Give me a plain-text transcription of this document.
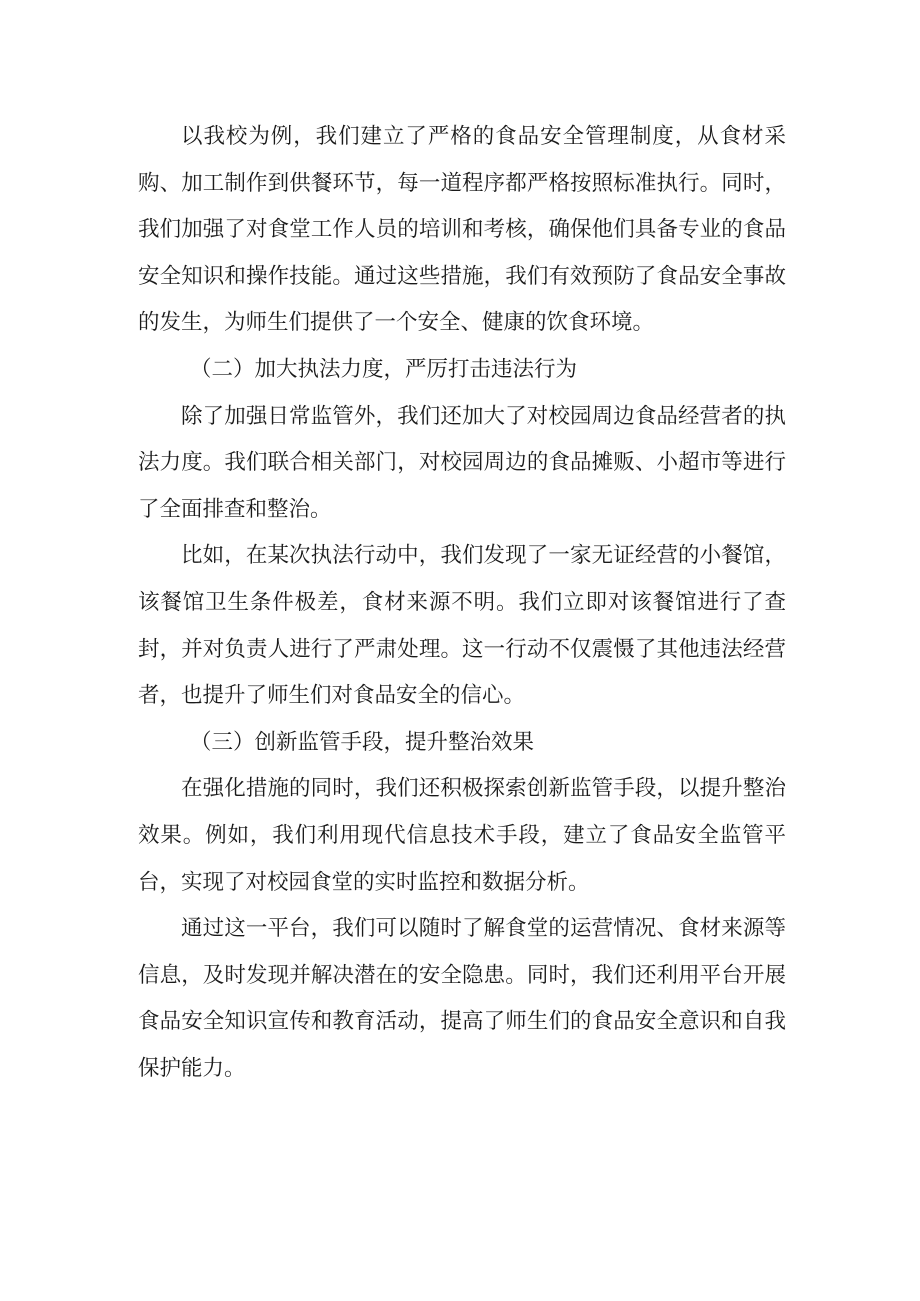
以我校为例，我们建立了严格的食品安全管理制度，从食材采购、加工制作到供餐环节，每一道程序都严格按照标准执行。同时，我们加强了对食堂工作人员的培训和考核，确保他们具备专业的食品安全知识和操作技能。通过这些措施，我们有效预防了食品安全事故的发生，为师生们提供了一个安全、健康的饮食环境。

（二）加大执法力度，严厉打击违法行为

除了加强日常监管外，我们还加大了对校园周边食品经营者的执法力度。我们联合相关部门，对校园周边的食品摊贩、小超市等进行了全面排查和整治。

比如，在某次执法行动中，我们发现了一家无证经营的小餐馆，该餐馆卫生条件极差，食材来源不明。我们立即对该餐馆进行了查封，并对负责人进行了严肃处理。这一行动不仅震慑了其他违法经营者，也提升了师生们对食品安全的信心。

（三）创新监管手段，提升整治效果

在强化措施的同时，我们还积极探索创新监管手段，以提升整治效果。例如，我们利用现代信息技术手段，建立了食品安全监管平台，实现了对校园食堂的实时监控和数据分析。

通过这一平台，我们可以随时了解食堂的运营情况、食材来源等信息，及时发现并解决潜在的安全隐患。同时，我们还利用平台开展食品安全知识宣传和教育活动，提高了师生们的食品安全意识和自我保护能力。
